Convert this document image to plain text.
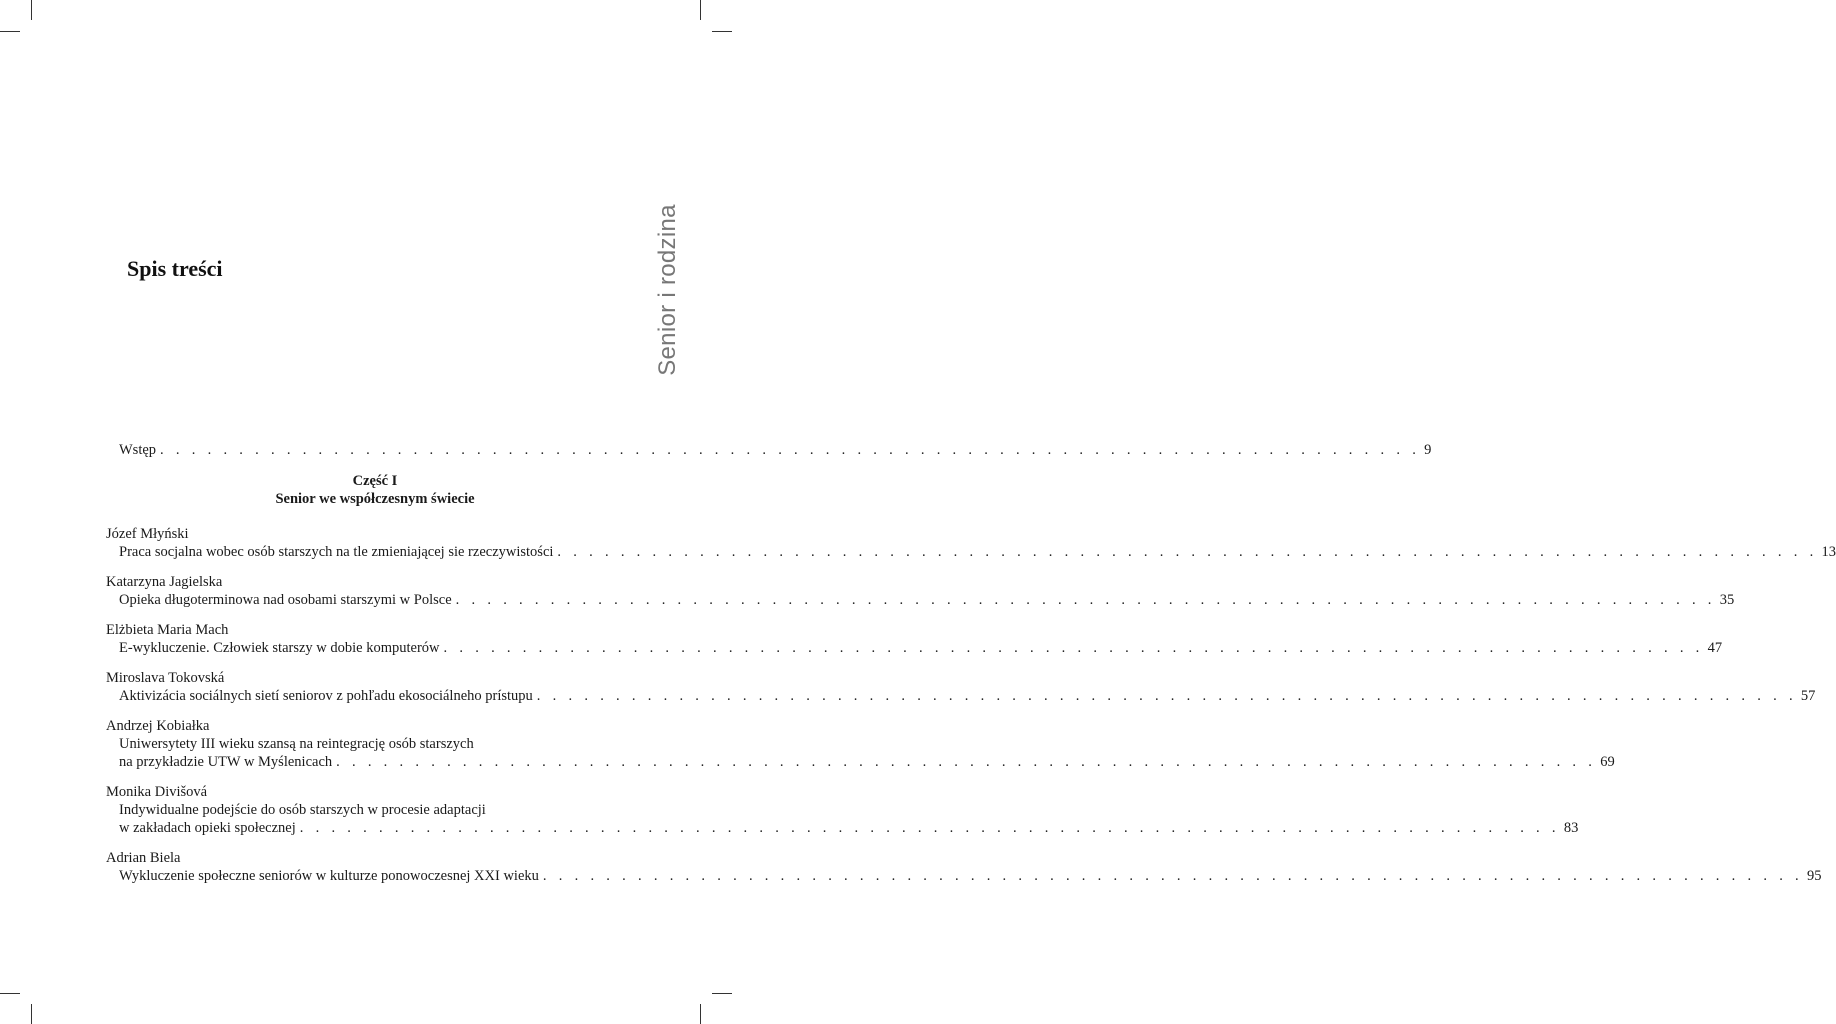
Senior i rodzina
Spis treści
Wstęp . . . . . . . . . . . . . . . . . . . . . . . . . . . . . . . . . . . . . . . . . . . . . . . . . . . . . . . . . . . . . . . . . . . . . . . . . . . . . . . . 9
Część I
Senior we współczesnym świecie
Józef Młyński
Praca socjalna wobec osób starszych na tle zmieniającej sie rzeczywistości . . . . . . . . . . . . . . . . . . . . . . . . . . . . . . . . . . . . . . . . . . . . . . . . . . . . . . . . . . . . . . . . . . . . . . . . . . . . . . . . 13
Katarzyna Jagielska
Opieka długoterminowa nad osobami starszymi w Polsce . . . . . . . . . . . . . . . . . . . . . . . . . . . . . . . . . . . . . . . . . . . . . . . . . . . . . . . . . . . . . . . . . . . . . . . . . . . . . . . . 35
Elżbieta Maria Mach
E-wykluczenie. Człowiek starszy w dobie komputerów . . . . . . . . . . . . . . . . . . . . . . . . . . . . . . . . . . . . . . . . . . . . . . . . . . . . . . . . . . . . . . . . . . . . . . . . . . . . . . . . 47
Miroslava Tokovská
Aktivizácia sociálnych sietí seniorov z pohľadu ekosociálneho prístupu . . . . . . . . . . . . . . . . . . . . . . . . . . . . . . . . . . . . . . . . . . . . . . . . . . . . . . . . . . . . . . . . . . . . . . . . . . . . . . . . 57
Andrzej Kobiałka
Uniwersytety III wieku szansą na reintegrację osób starszych
na przykładzie UTW w Myślenicach . . . . . . . . . . . . . . . . . . . . . . . . . . . . . . . . . . . . . . . . . . . . . . . . . . . . . . . . . . . . . . . . . . . . . . . . . . . . . . . . 69
Monika Divišová
Indywidualne podejście do osób starszych w procesie adaptacji
w zakładach opieki społecznej . . . . . . . . . . . . . . . . . . . . . . . . . . . . . . . . . . . . . . . . . . . . . . . . . . . . . . . . . . . . . . . . . . . . . . . . . . . . . . . . 83
Adrian Biela
Wykluczenie społeczne seniorów w kulturze ponowoczesnej XXI wieku . . . . . . . . . . . . . . . . . . . . . . . . . . . . . . . . . . . . . . . . . . . . . . . . . . . . . . . . . . . . . . . . . . . . . . . . . . . . . . . . 95
